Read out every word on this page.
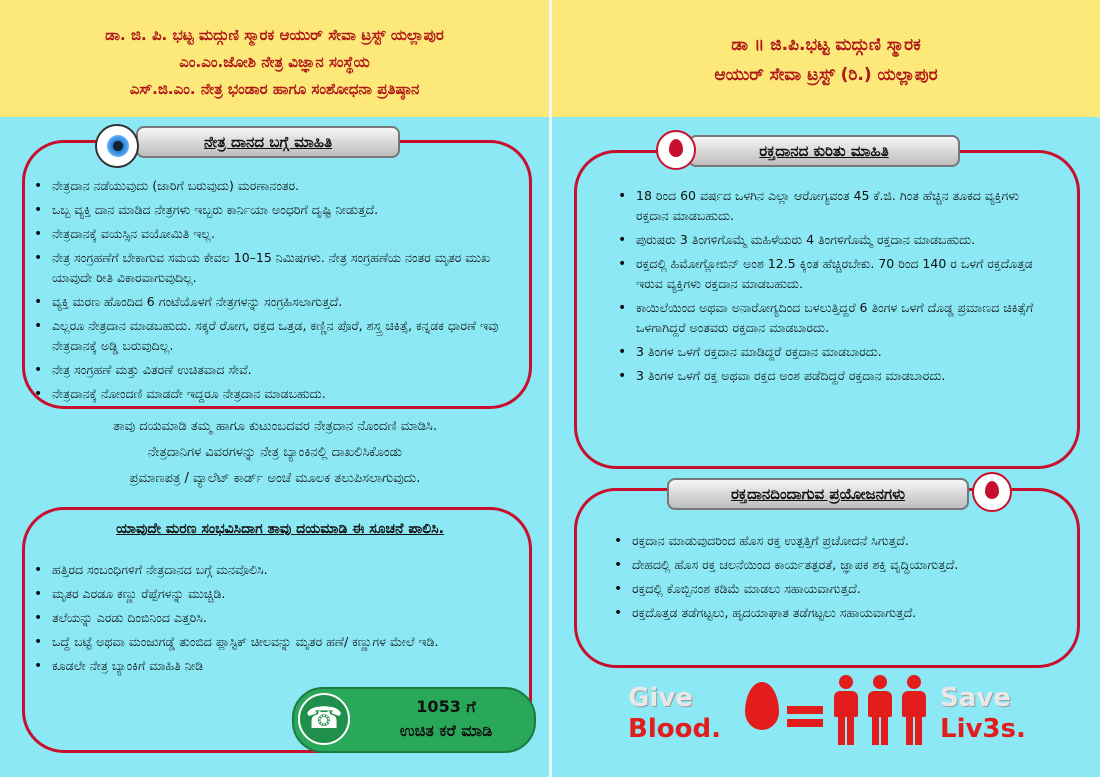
ಡಾ. ಜಿ. ಪಿ. ಭಟ್ಟ ಮದ್ಗುಣಿ ಸ್ಮಾರಕ ಆಯುರ್ ಸೇವಾ ಟ್ರಸ್ಟ್ ಯಲ್ಲಾಪುರ
ಎಂ.ಎಂ.ಜೋಶಿ ನೇತ್ರ ವಿಜ್ಞಾನ ಸಂಸ್ಥೆಯ
ಎಸ್.ಜಿ.ಎಂ. ನೇತ್ರ ಭಂಡಾರ ಹಾಗೂ ಸಂಶೋಧನಾ ಪ್ರತಿಷ್ಠಾನ
ಡಾ ॥ ಜಿ.ಪಿ.ಭಟ್ಟ ಮದ್ಗುಣಿ ಸ್ಮಾರಕ
ಆಯುರ್ ಸೇವಾ ಟ್ರಸ್ಟ್ (ರಿ.) ಯಲ್ಲಾಪುರ
ನೇತ್ರ ದಾನದ ಬಗ್ಗೆ ಮಾಹಿತಿ
• ನೇತ್ರದಾನ ನಡೆಯುವುದು (ಜಾರಿಗೆ ಬರುವುದು) ಮರಣಾನಂತರ.
• ಒಬ್ಬ ವ್ಯಕ್ತಿ ದಾನ ಮಾಡಿದ ನೇತ್ರಗಳು ಇಬ್ಬರು ಕಾರ್ನಿಯಾ ಅಂಧರಿಗೆ ದೃಷ್ಟಿ ನೀಡುತ್ತದೆ.
• ನೇತ್ರದಾನಕ್ಕೆ ವಯಸ್ಸಿನ ವಯೋಮಿತಿ ಇಲ್ಲ.
• ನೇತ್ರ ಸಂಗ್ರಹಣೆಗೆ ಬೇಕಾಗುವ ಸಮಯ ಕೇವಲ 10–15 ನಿಮಿಷಗಳು. ನೇತ್ರ ಸಂಗ್ರಹಣೆಯ ನಂತರ ಮೃತರ ಮುಖ ಯಾವುದೇ ರೀತಿ ವಿಕಾರವಾಗುವುದಿಲ್ಲ.
• ವ್ಯಕ್ತಿ ಮರಣ ಹೊಂದಿದ 6 ಗಂಟೆಯೊಳಗೆ ನೇತ್ರಗಳನ್ನು ಸಂಗ್ರಹಿಸಲಾಗುತ್ತದೆ.
• ಎಲ್ಲರೂ ನೇತ್ರದಾನ ಮಾಡಬಹುದು. ಸಕ್ಕರೆ ರೋಗ, ರಕ್ತದ ಒತ್ತಡ, ಕಣ್ಣಿನ ಪೊರೆ, ಶಸ್ತ್ರ ಚಿಕಿತ್ಸೆ, ಕನ್ನಡಕ ಧಾರಣೆ ಇವು ನೇತ್ರದಾನಕ್ಕೆ ಅಡ್ಡಿ ಬರುವುದಿಲ್ಲ.
• ನೇತ್ರ ಸಂಗ್ರಹಣೆ ಮತ್ತು ವಿತರಣೆ ಉಚಿತವಾದ ಸೇವೆ.
• ನೇತ್ರದಾನಕ್ಕೆ ನೋಂದಣಿ ಮಾಡದೇ ಇದ್ದರೂ ನೇತ್ರದಾನ ಮಾಡಬಹುದು.
ತಾವು ದಯಮಾಡಿ ತಮ್ಮ ಹಾಗೂ ಕುಟುಂಬದವರ ನೇತ್ರದಾನ ನೊಂದಣಿ ಮಾಡಿಸಿ.
ನೇತ್ರದಾನಿಗಳ ವಿವರಗಳನ್ನು ನೇತ್ರ ಬ್ಯಾಂಕಿನಲ್ಲಿ ದಾಖಲಿಸಿಕೊಂಡು
ಪ್ರಮಾಣಪತ್ರ / ವ್ಯಾಲೆಟ್ ಕಾರ್ಡ್ ಅಂಚೆ ಮೂಲಕ ತಲುಪಿಸಲಾಗುವುದು.
ಯಾವುದೇ ಮರಣ ಸಂಭವಿಸಿದಾಗ ತಾವು ದಯಮಾಡಿ ಈ ಸೂಚನೆ ಪಾಲಿಸಿ.
• ಹತ್ತಿರದ ಸಂಬಂಧಿಗಳಿಗೆ ನೇತ್ರದಾನದ ಬಗ್ಗೆ ಮನವೊಲಿಸಿ.
• ಮೃತರ ಎರಡೂ ಕಣ್ಣು ರೆಪ್ಪೆಗಳನ್ನು ಮುಚ್ಚಿಡಿ.
• ತಲೆಯನ್ನು ಎರಡು ದಿಂಬಿನಿಂದ ಎತ್ತರಿಸಿ.
• ಒದ್ದೆ ಬಟ್ಟೆ ಅಥವಾ ಮಂಜುಗಡ್ಡೆ ತುಂಬಿದ ಪ್ಲಾಸ್ಟಿಕ್ ಚೀಲವನ್ನು ಮೃತರ ಹಣೆ/ ಕಣ್ಣುಗಳ ಮೇಲೆ ಇಡಿ.
• ಕೂಡಲೇ ನೇತ್ರ ಬ್ಯಾಂಕಿಗೆ ಮಾಹಿತಿ ನೀಡಿ
☎	1053 ಗೆ
ಉಚಿತ ಕರೆ ಮಾಡಿ
ರಕ್ತದಾನದ ಕುರಿತು ಮಾಹಿತಿ
• 18 ರಿಂದ 60 ವರ್ಷದ ಒಳಗಿನ ಎಲ್ಲಾ ಆರೋಗ್ಯವಂತ 45 ಕೆ.ಜಿ. ಗಿಂತ ಹೆಚ್ಚಿನ ತೂಕದ ವ್ಯಕ್ತಿಗಳು ರಕ್ತದಾನ ಮಾಡಬಹುದು.
• ಪುರುಷರು 3 ತಿಂಗಳಿಗೊಮ್ಮೆ ಮಹಿಳೆಯರು 4 ತಿಂಗಳಿಗೊಮ್ಮೆ ರಕ್ತದಾನ ಮಾಡಬಹುದು.
• ರಕ್ತದಲ್ಲಿ ಹಿಮೋಗ್ಲೋಬಿನ್ ಅಂಶ 12.5 ಕ್ಕಿಂತ ಹೆಚ್ಚಿರಬೇಕು. 70 ರಿಂದ 140 ರ ಒಳಗೆ ರಕ್ತದೊತ್ತಡ ಇರುವ ವ್ಯಕ್ತಿಗಳು ರಕ್ತದಾನ ಮಾಡಬಹುದು.
• ಕಾಯಿಲೆಯಿಂದ ಅಥವಾ ಅನಾರೋಗ್ಯದಿಂದ ಬಳಲುತ್ತಿದ್ದರೆ 6 ತಿಂಗಳ ಒಳಗೆ ದೊಡ್ಡ ಪ್ರಮಾಣದ ಚಿಕಿತ್ಸೆಗೆ ಒಳಗಾಗಿದ್ದರೆ ಅಂತವರು ರಕ್ತದಾನ ಮಾಡಬಾರದು.
• 3 ತಿಂಗಳ ಒಳಗೆ ರಕ್ತದಾನ ಮಾಡಿದ್ದರೆ ರಕ್ತದಾನ ಮಾಡಬಾರದು.
• 3 ತಿಂಗಳ ಒಳಗೆ ರಕ್ತ ಅಥವಾ ರಕ್ತದ ಅಂಶ ಪಡೆದಿದ್ದರೆ ರಕ್ತದಾನ ಮಾಡಬಾರದು.
ರಕ್ತದಾನದಿಂದಾಗುವ ಪ್ರಯೋಜನಗಳು
• ರಕ್ತದಾನ ಮಾಡುವುದರಿಂದ ಹೊಸ ರಕ್ತ ಉತ್ಪತ್ತಿಗೆ ಪ್ರಚೋದನೆ ಸಿಗುತ್ತದೆ.
• ದೇಹದಲ್ಲಿ ಹೊಸ ರಕ್ತ ಚಲನೆಯಿಂದ ಕಾರ್ಯತತ್ಪರತೆ, ಜ್ಞಾಪಕ ಶಕ್ತಿ ವೃದ್ಧಿಯಾಗುತ್ತದೆ.
• ರಕ್ತದಲ್ಲಿ ಕೊಬ್ಬಿನಂಶ ಕಡಿಮೆ ಮಾಡಲು ಸಹಾಯವಾಗುತ್ತದೆ.
• ರಕ್ತದೊತ್ತಡ ತಡೆಗಟ್ಟಲು, ಹೃದಯಾಘಾತ ತಡೆಗಟ್ಟಲು ಸಹಾಯವಾಗುತ್ತದೆ.
Give
Blood.
Save
Liv3s.
